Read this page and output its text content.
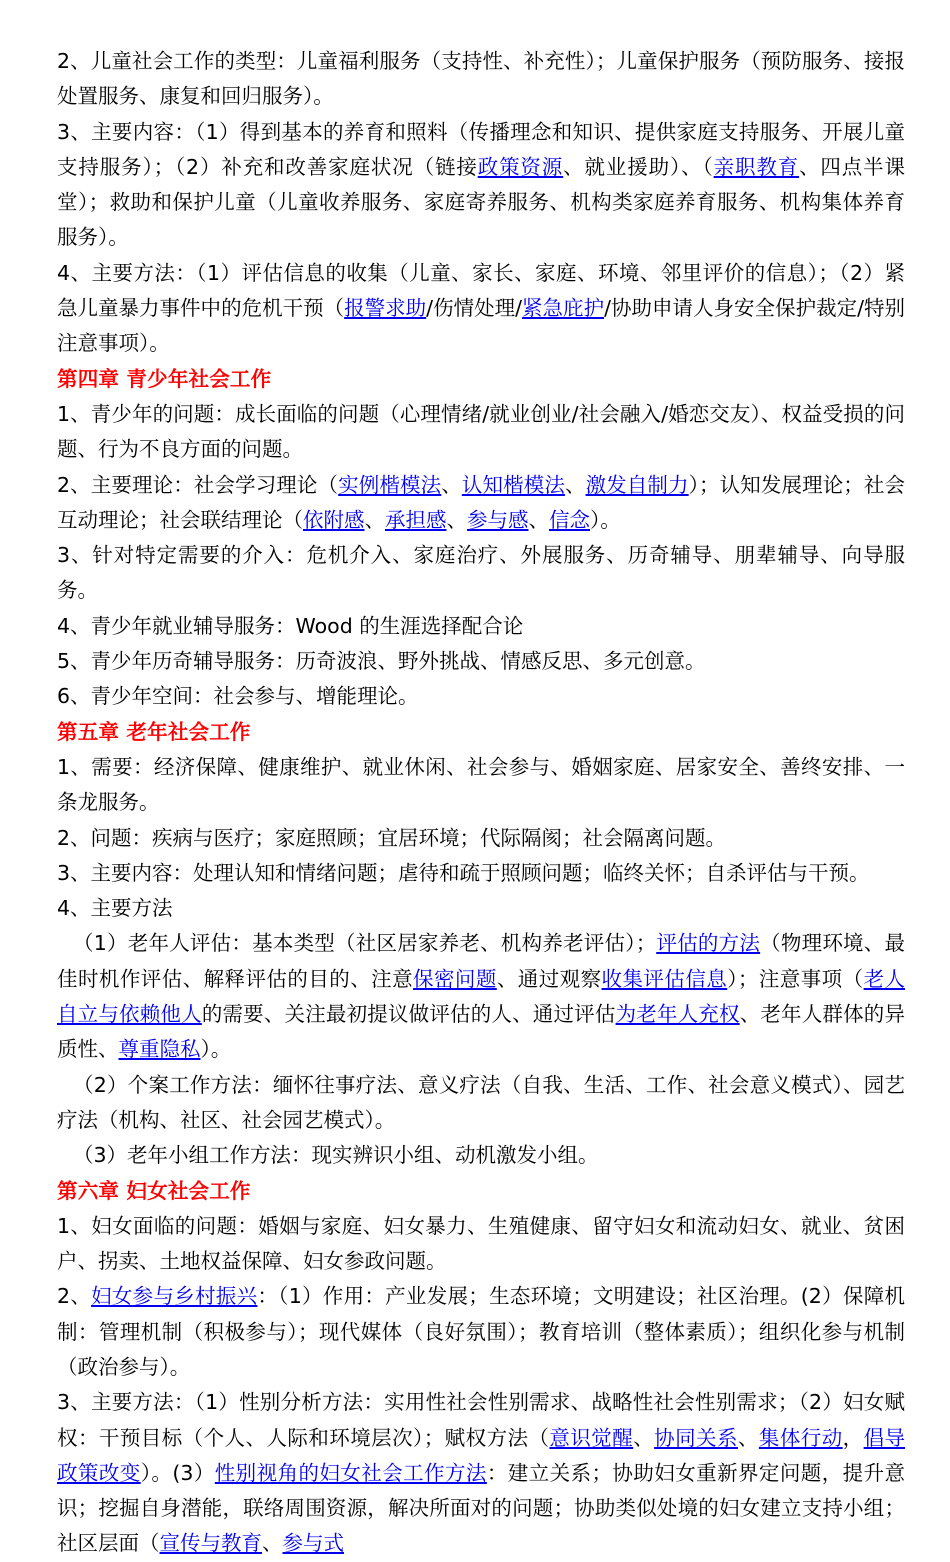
2、儿童社会工作的类型：儿童福利服务（支持性、补充性）；儿童保护服务（预防服务、接报处置服务、康复和回归服务）。

3、主要内容：（1）得到基本的养育和照料（传播理念和知识、提供家庭支持服务、开展儿童支持服务）；（2）补充和改善家庭状况（链接政策资源、就业援助）、（亲职教育、四点半课堂）；救助和保护儿童（儿童收养服务、家庭寄养服务、机构类家庭养育服务、机构集体养育服务）。

4、主要方法：（1）评估信息的收集（儿童、家长、家庭、环境、邻里评价的信息）；（2）紧急儿童暴力事件中的危机干预（报警求助/伤情处理/紧急庇护/协助申请人身安全保护裁定/特别注意事项）。

第四章 青少年社会工作

1、青少年的问题：成长面临的问题（心理情绪/就业创业/社会融入/婚恋交友）、权益受损的问题、行为不良方面的问题。

2、主要理论：社会学习理论（实例楷模法、认知楷模法、激发自制力）；认知发展理论；社会互动理论；社会联结理论（依附感、承担感、参与感、信念）。

3、针对特定需要的介入：危机介入、家庭治疗、外展服务、历奇辅导、朋辈辅导、向导服务。

4、青少年就业辅导服务：Wood 的生涯选择配合论

5、青少年历奇辅导服务：历奇波浪、野外挑战、情感反思、多元创意。

6、青少年空间：社会参与、增能理论。

第五章 老年社会工作

1、需要：经济保障、健康维护、就业休闲、社会参与、婚姻家庭、居家安全、善终安排、一条龙服务。

2、问题：疾病与医疗；家庭照顾；宜居环境；代际隔阂；社会隔离问题。

3、主要内容：处理认知和情绪问题；虐待和疏于照顾问题；临终关怀；自杀评估与干预。

4、主要方法

（1）老年人评估：基本类型（社区居家养老、机构养老评估）；评估的方法（物理环境、最佳时机作评估、解释评估的目的、注意保密问题、通过观察收集评估信息）；注意事项（老人自立与依赖他人的需要、关注最初提议做评估的人、通过评估为老年人充权、老年人群体的异质性、尊重隐私）。

（2）个案工作方法：缅怀往事疗法、意义疗法（自我、生活、工作、社会意义模式）、园艺疗法（机构、社区、社会园艺模式）。

（3）老年小组工作方法：现实辨识小组、动机激发小组。

第六章 妇女社会工作

1、妇女面临的问题：婚姻与家庭、妇女暴力、生殖健康、留守妇女和流动妇女、就业、贫困户、拐卖、土地权益保障、妇女参政问题。

2、妇女参与乡村振兴：（1）作用：产业发展；生态环境；文明建设；社区治理。(2）保障机制：管理机制（积极参与）；现代媒体（良好氛围）；教育培训（整体素质）；组织化参与机制（政治参与）。

3、主要方法：（1）性别分析方法：实用性社会性别需求、战略性社会性别需求；（2）妇女赋权：干预目标（个人、人际和环境层次）；赋权方法（意识觉醒、协同关系、集体行动，倡导政策改变）。(3）性别视角的妇女社会工作方法：建立关系；协助妇女重新界定问题，提升意识；挖掘自身潜能，联络周围资源，解决所面对的问题；协助类似处境的妇女建立支持小组；社区层面（宣传与教育、参与式
